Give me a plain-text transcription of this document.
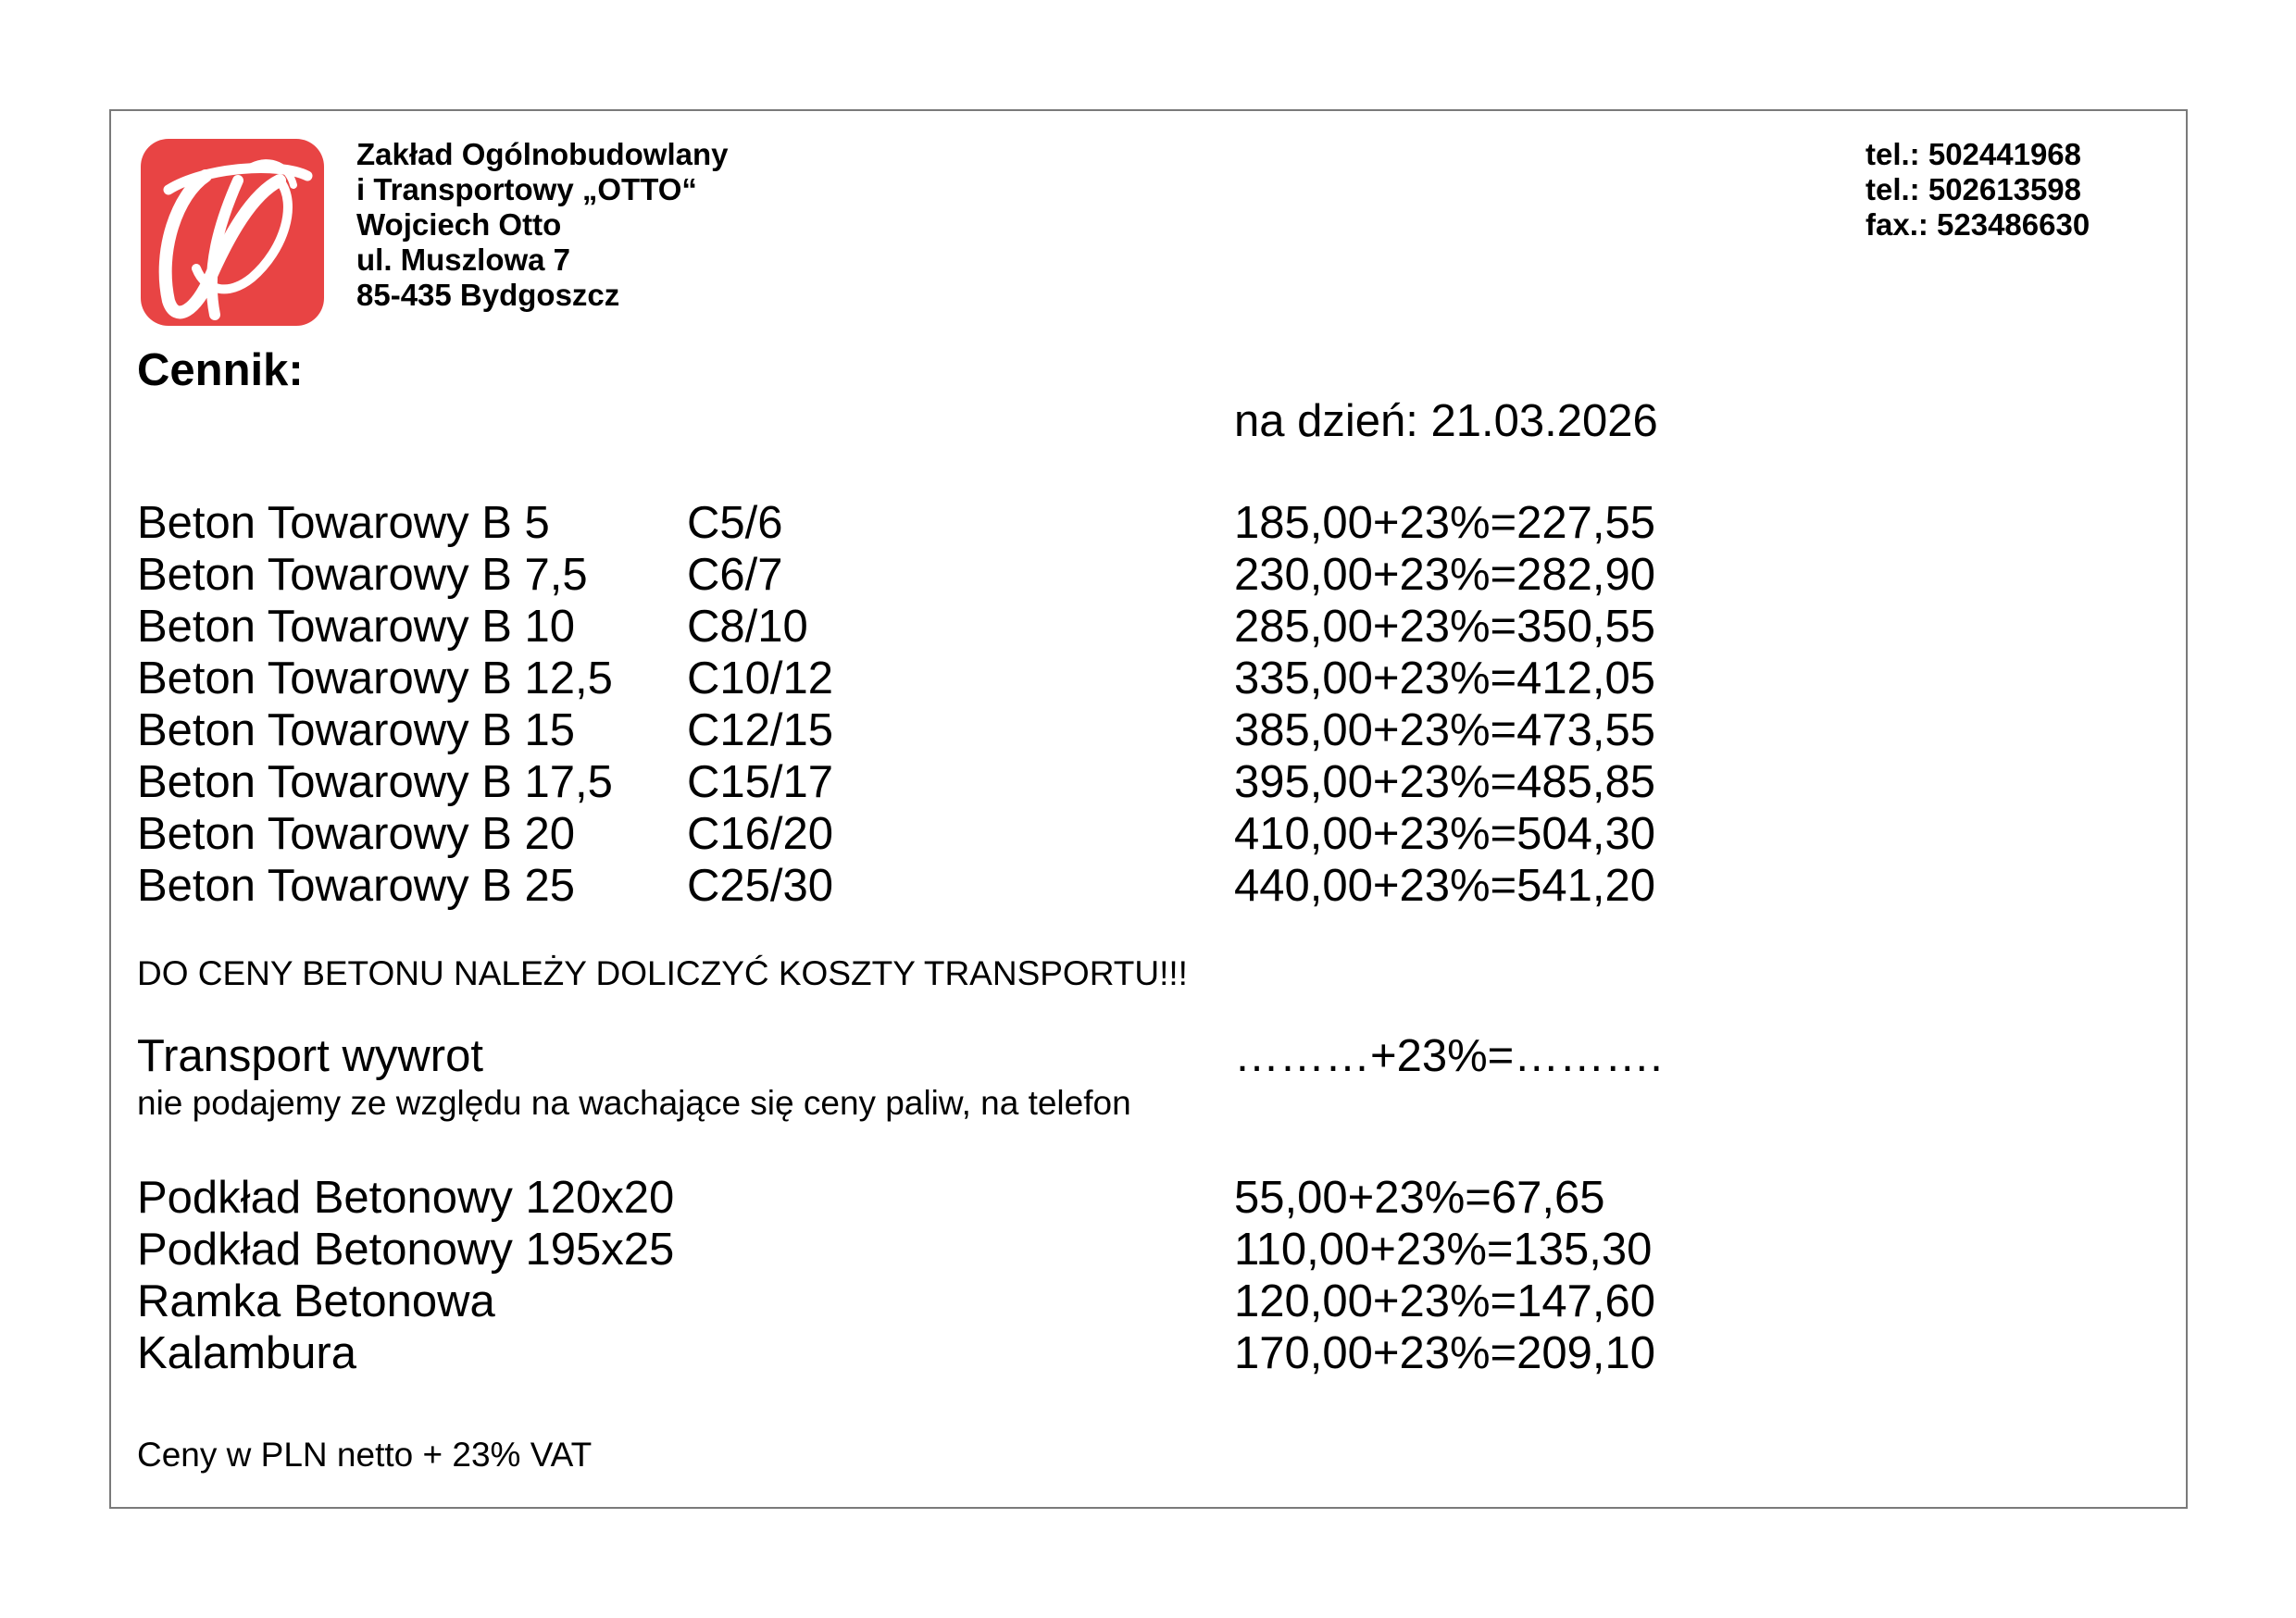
O	Zakład Ogólnobudowlany
i Transportowy „OTTO“
Wojciech Otto
ul. Muszlowa 7
85-435 Bydgoszcz
tel.: 502441968
tel.: 502613598
fax.: 523486630
Cennik:
na dzień: 21.03.2026
Beton Towarowy B 5	C5/6	185,00+23%=227,55
Beton Towarowy B 7,5 C6/7	230,00+23%=282,90
Beton Towarowy B 10 C8/10	285,00+23%=350,55
Beton Towarowy B 12,5 C10/12	335,00+23%=412,05
Beton Towarowy B 15 C12/15	385,00+23%=473,55
Beton Towarowy B 17,5 C15/17	395,00+23%=485,85
Beton Towarowy B 20 C16/20	410,00+23%=504,30
Beton Towarowy B 25 C25/30	440,00+23%=541,20
DO CENY BETONU NALEŻY DOLICZYĆ KOSZTY TRANSPORTU!!!
Transport wywrot	………+23%=……….
nie podajemy ze względu na wachające się ceny paliw, na telefon
Podkład Betonowy 120x20	55,00+23%=67,65
Podkład Betonowy 195x25	110,00+23%=135,30
Ramka Betonowa	120,00+23%=147,60
Kalambura	170,00+23%=209,10
Ceny w PLN netto + 23% VAT
